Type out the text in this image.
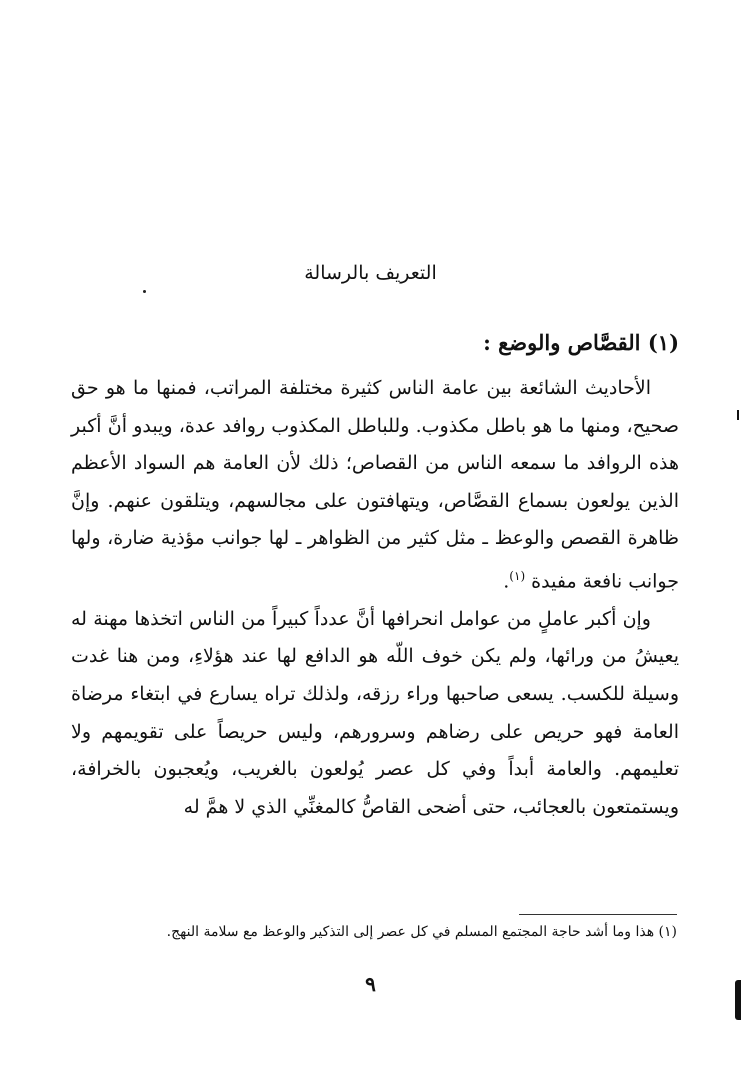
التعريف بالرسالة
(١) القصَّاص والوضع :

الأحاديث الشائعة بين عامة الناس كثيرة مختلفة المراتب، فمنها ما هو حق صحيح، ومنها ما هو باطل مكذوب. وللباطل المكذوب روافد عدة، ويبدو أنَّ أكبر هذه الروافد ما سمعه الناس من القصاص؛ ذلك لأن العامة هم السواد الأعظم الذين يولعون بسماع القصَّاص، ويتهافتون على مجالسهم، ويتلقون عنهم. وإنَّ ظاهرة القصص والوعظ ـ مثل كثير من الظواهر ـ لها جوانب مؤذية ضارة، ولها جوانب نافعة مفيدة $^{(١)}$.

وإن أكبر عاملٍ من عوامل انحرافها أنَّ عدداً كبيراً من الناس اتخذها مهنة له يعيشُ من ورائها، ولم يكن خوف اللّه هو الدافع لها عند هؤلاءِ، ومن هنا غدت وسيلة للكسب. يسعى صاحبها وراء رزقه، ولذلك تراه يسارع في ابتغاء مرضاة العامة فهو حريص على رضاهم وسرورهم، وليس حريصاً على تقويمهم ولا تعليمهم. والعامة أبداً وفي كل عصر يُولعون بالغريب، ويُعجبون بالخرافة، ويستمتعون بالعجائب، حتى أضحى القاصُّ كالمغنِّي الذي لا همَّ له

(١) هذا وما أشد حاجة المجتمع المسلم في كل عصر إلى التذكير والوعظ مع سلامة النهج.
٩
